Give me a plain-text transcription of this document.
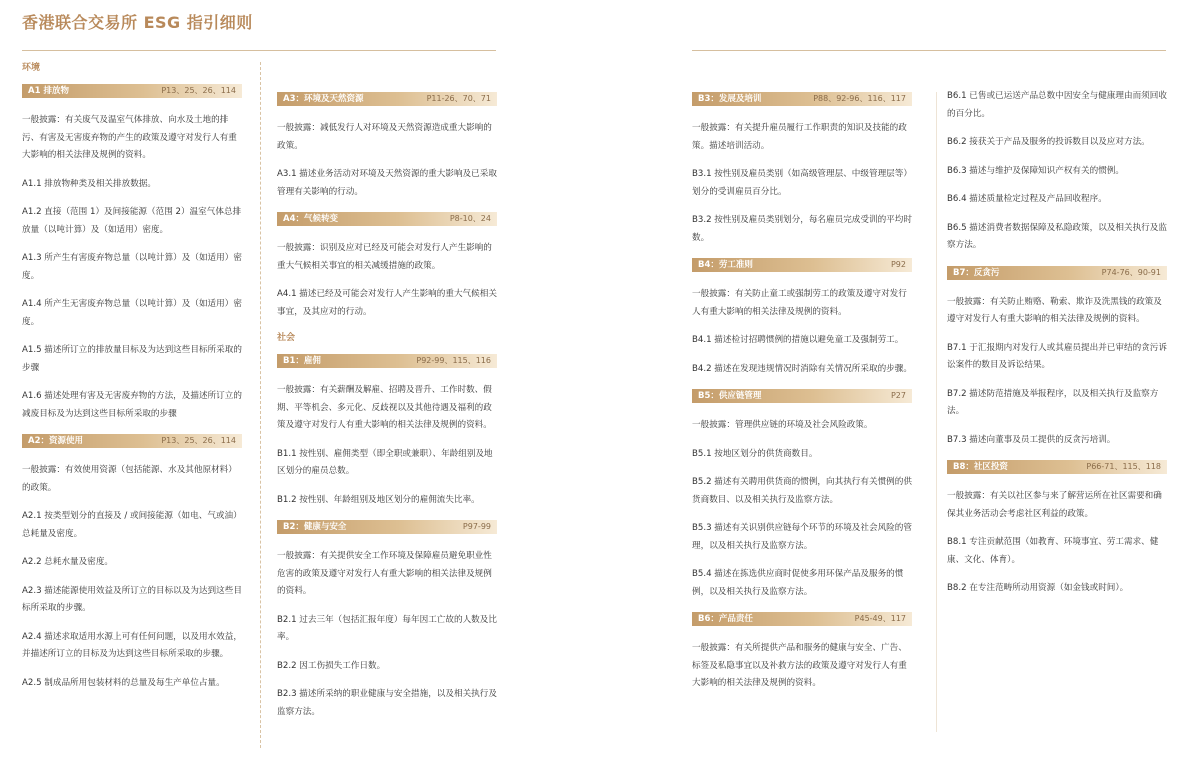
香港联合交易所 ESG 指引细则
环境
A1 排放物	P13、25、26、114
一般披露：有关废气及温室气体排放、向水及土地的排污、有害及无害废弃物的产生的政策及遵守对发行人有重大影响的相关法律及规例的资料。
A1.1 排放物种类及相关排放数据。
A1.2 直接（范围 1）及间接能源（范围 2）温室气体总排放量（以吨计算）及（如适用）密度。
A1.3 所产生有害废弃物总量（以吨计算）及（如适用）密度。
A1.4 所产生无害废弃物总量（以吨计算）及（如适用）密度。
A1.5 描述所订立的排放量目标及为达到这些目标所采取的步骤
A1.6 描述处理有害及无害废弃物的方法，及描述所订立的减废目标及为达到这些目标所采取的步骤
A2：资源使用	P13、25、26、114
一般披露：有效使用资源（包括能源、水及其他原材料）的政策。
A2.1 按类型划分的直接及 / 或间接能源（如电、气或油）总耗量及密度。
A2.2 总耗水量及密度。
A2.3 描述能源使用效益及所订立的目标以及为达到这些目标所采取的步骤。
A2.4 描述求取适用水源上可有任何问题，以及用水效益，并描述所订立的目标及为达到这些目标所采取的步骤。
A2.5 制成品所用包装材料的总量及每生产单位占量。
A3：环境及天然资源	P11-26、70、71
一般披露：减低发行人对环境及天然资源造成重大影响的政策。
A3.1 描述业务活动对环境及天然资源的重大影响及已采取管理有关影响的行动。
A4：气候转变	P8-10、24
一般披露：识别及应对已经及可能会对发行人产生影响的重大气候相关事宜的相关减缓措施的政策。
A4.1 描述已经及可能会对发行人产生影响的重大气候相关事宜，及其应对的行动。
社会
B1：雇佣	P92-99、115、116
一般披露：有关薪酬及解雇、招聘及晋升、工作时数、假期、平等机会、多元化、反歧视以及其他待遇及福利的政策及遵守对发行人有重大影响的相关法律及规例的资料。
B1.1 按性别、雇佣类型（即全职或兼职）、年龄组别及地区划分的雇员总数。
B1.2 按性别、年龄组别及地区划分的雇佣流失比率。
B2：健康与安全	P97-99
一般披露：有关提供安全工作环境及保障雇员避免职业性危害的政策及遵守对发行人有重大影响的相关法律及规例的资料。
B2.1 过去三年（包括汇报年度）每年因工亡故的人数及比率。
B2.2 因工伤损失工作日数。
B2.3 描述所采纳的职业健康与安全措施，以及相关执行及监察方法。
B3：发展及培训	P88、92-96、116、117
一般披露：有关提升雇员履行工作职责的知识及技能的政策。描述培训活动。
B3.1 按性别及雇员类别（如高级管理层、中级管理层等）划分的受训雇员百分比。
B3.2 按性别及雇员类别划分，每名雇员完成受训的平均时数。
B4：劳工准则	P92
一般披露：有关防止童工或强制劳工的政策及遵守对发行人有重大影响的相关法律及规例的资料。
B4.1 描述检讨招聘惯例的措施以避免童工及强制劳工。
B4.2 描述在发现违规情况时消除有关情况所采取的步骤。
B5：供应链管理	P27
一般披露：管理供应链的环境及社会风险政策。
B5.1 按地区划分的供货商数目。
B5.2 描述有关聘用供货商的惯例，向其执行有关惯例的供货商数目、以及相关执行及监察方法。
B5.3 描述有关识别供应链每个环节的环境及社会风险的管理，以及相关执行及监察方法。
B5.4 描述在拣选供应商时促使多用环保产品及服务的惯例，以及相关执行及监察方法。
B6：产品责任	P45-49、117
一般披露：有关所提供产品和服务的健康与安全、广告、标签及私隐事宜以及补救方法的政策及遵守对发行人有重大影响的相关法律及规例的资料。
B6.1 已售或已运送产品总数中因安全与健康理由而须回收的百分比。
B6.2 接获关于产品及服务的投诉数目以及应对方法。
B6.3 描述与维护及保障知识产权有关的惯例。
B6.4 描述质量检定过程及产品回收程序。
B6.5 描述消费者数据保障及私隐政策，以及相关执行及监察方法。
B7：反贪污	P74-76、90-91
一般披露：有关防止贿赂、勒索、欺诈及洗黑钱的政策及遵守对发行人有重大影响的相关法律及规例的资料。
B7.1 于汇报期内对发行人或其雇员提出并已审结的贪污诉讼案件的数目及诉讼结果。
B7.2 描述防范措施及举报程序，以及相关执行及监察方法。
B7.3 描述向董事及员工提供的反贪污培训。
B8：社区投资	P66-71、115、118
一般披露：有关以社区参与来了解营运所在社区需要和确保其业务活动会考虑社区利益的政策。
B8.1 专注贡献范围（如教育、环境事宜、劳工需求、健康、文化、体育）。
B8.2 在专注范畴所动用资源（如金钱或时间）。
